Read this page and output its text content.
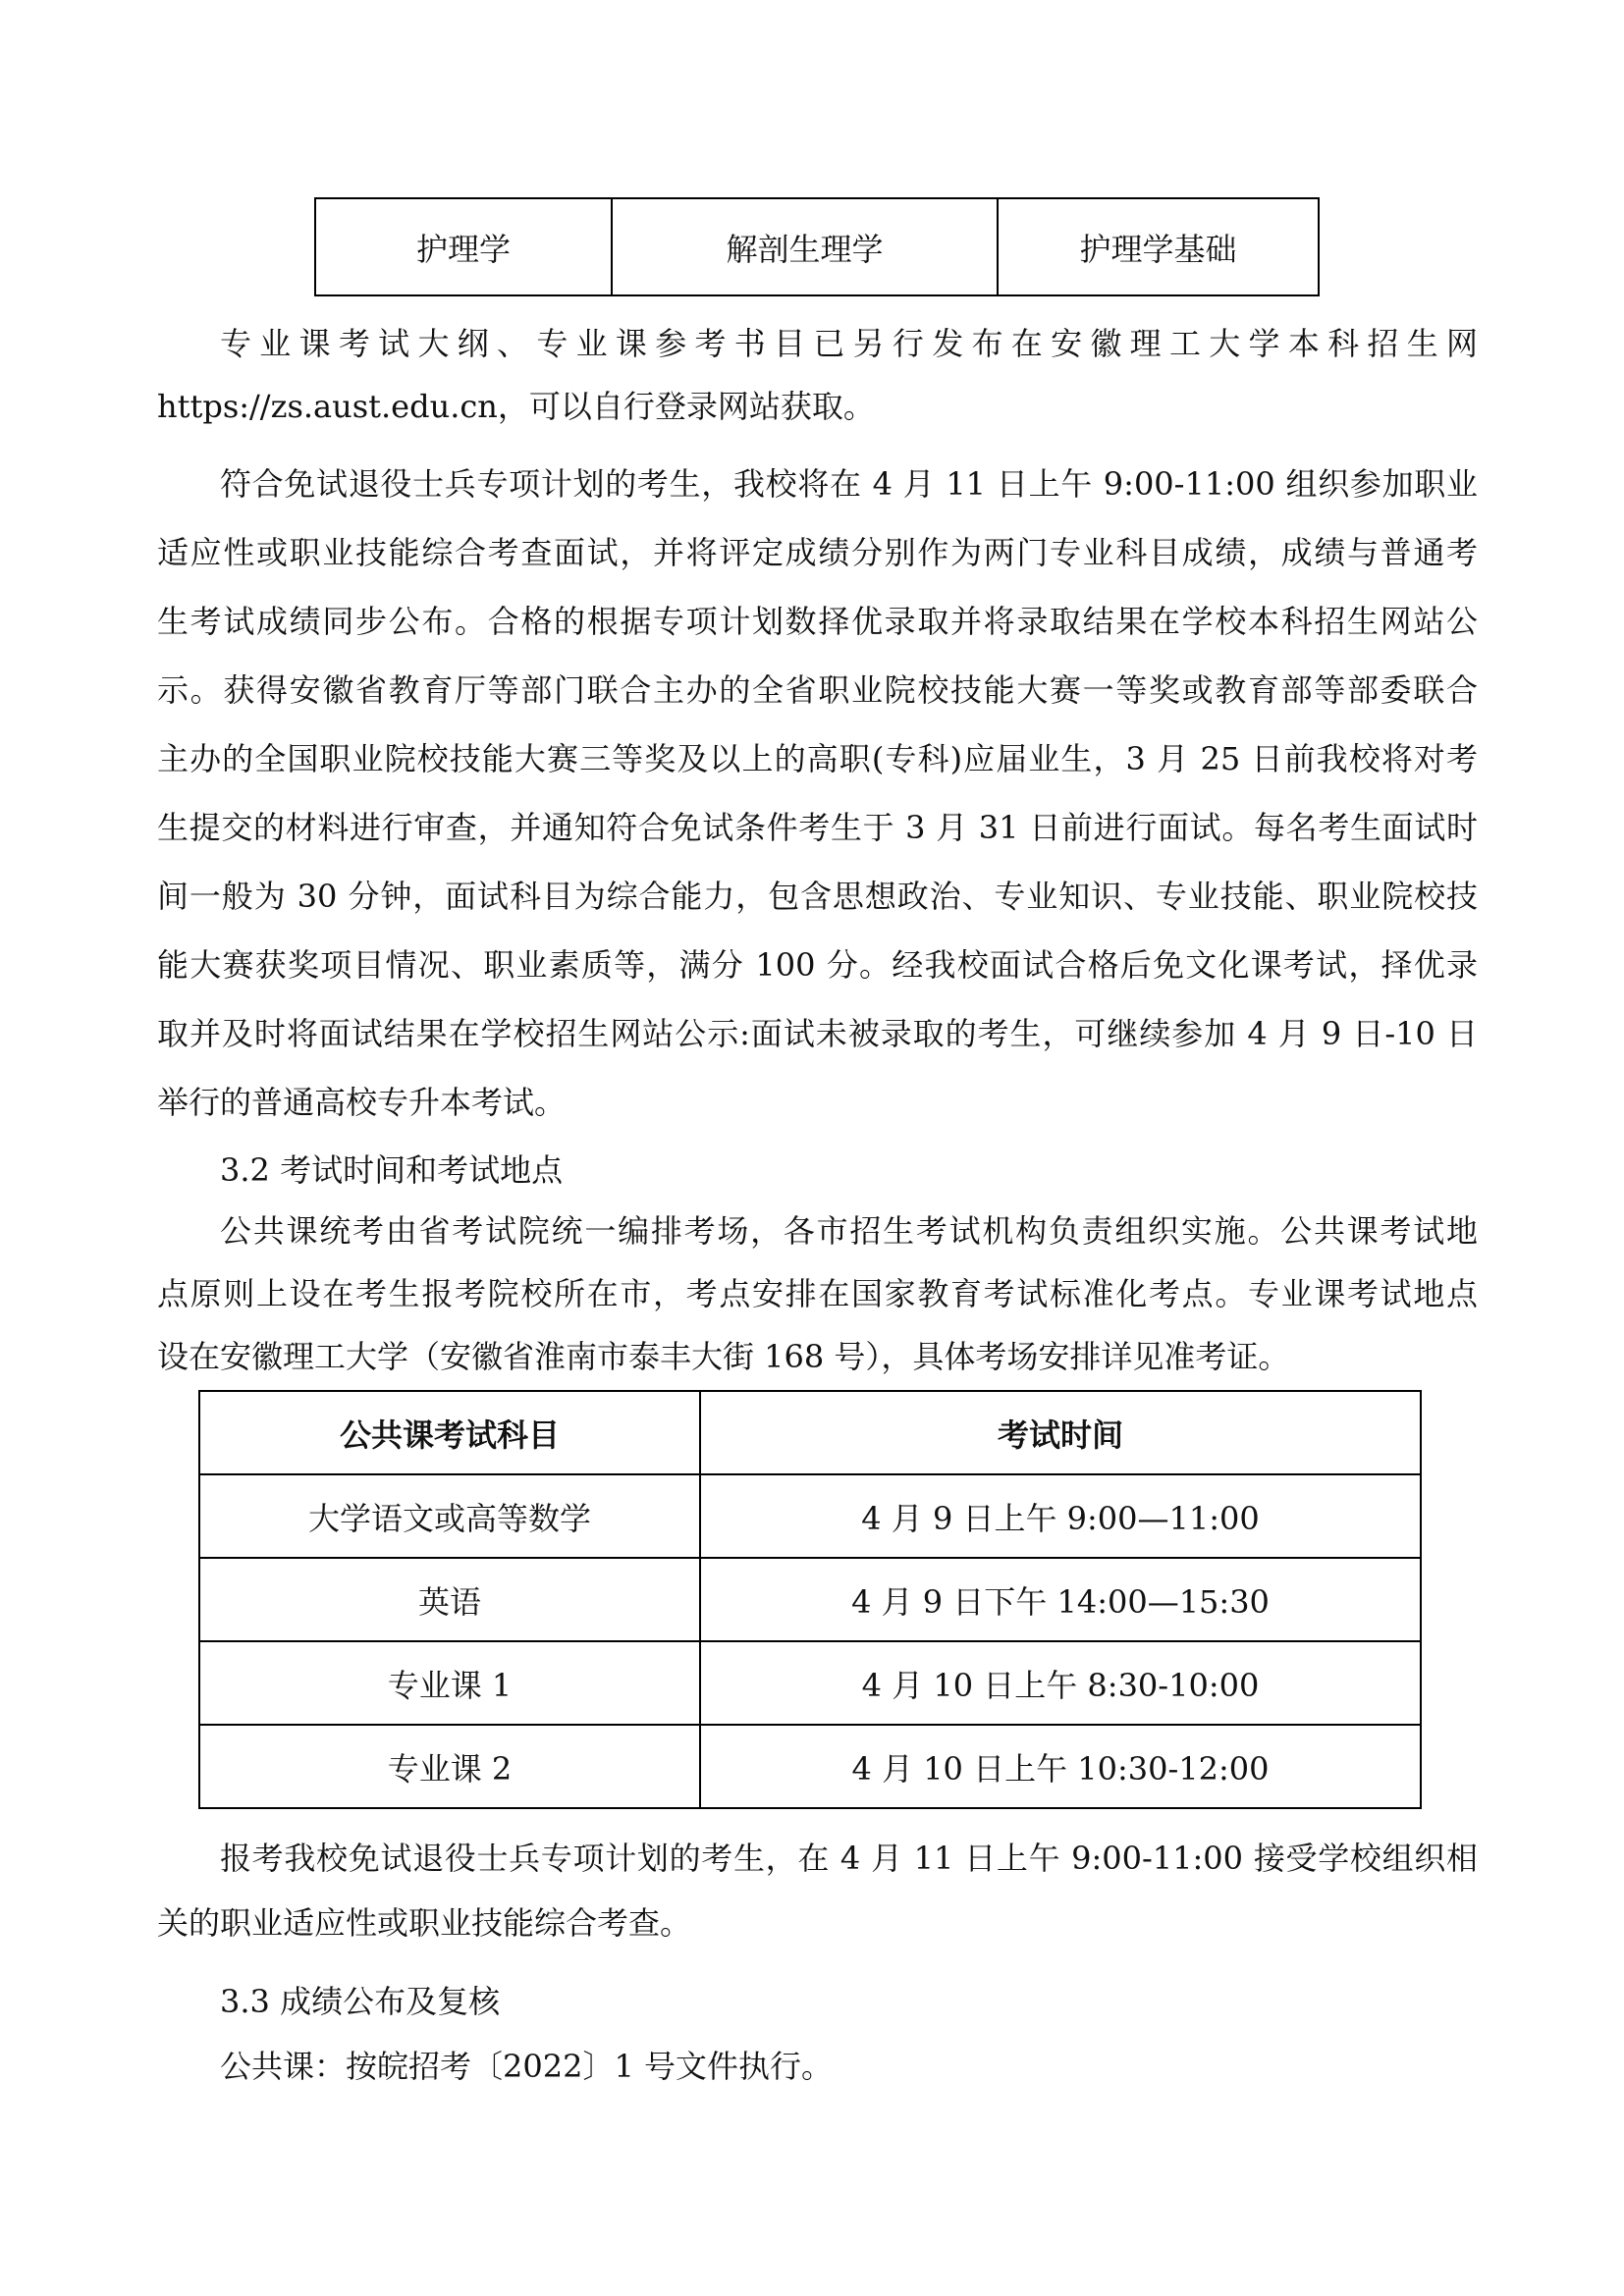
护理学	解剖生理学	护理学基础

专业课考试大纲、专业课参考书目已另行发布在安徽理工大学本科招生网

https://zs.aust.edu.cn，可以自行登录网站获取。

符合免试退役士兵专项计划的考生，我校将在 4 月 11 日上午 9:00-11:00 组织参加职业

适应性或职业技能综合考查面试，并将评定成绩分别作为两门专业科目成绩，成绩与普通考

生考试成绩同步公布。合格的根据专项计划数择优录取并将录取结果在学校本科招生网站公

示。获得安徽省教育厅等部门联合主办的全省职业院校技能大赛一等奖或教育部等部委联合

主办的全国职业院校技能大赛三等奖及以上的高职(专科)应届业生，3 月 25 日前我校将对考

生提交的材料进行审查，并通知符合免试条件考生于 3 月 31 日前进行面试。每名考生面试时

间一般为 30 分钟，面试科目为综合能力，包含思想政治、专业知识、专业技能、职业院校技

能大赛获奖项目情况、职业素质等，满分 100 分。经我校面试合格后免文化课考试，择优录

取并及时将面试结果在学校招生网站公示:面试未被录取的考生，可继续参加 4 月 9 日-10 日

举行的普通高校专升本考试。

3.2 考试时间和考试地点

公共课统考由省考试院统一编排考场，各市招生考试机构负责组织实施。公共课考试地

点原则上设在考生报考院校所在市，考点安排在国家教育考试标准化考点。专业课考试地点

设在安徽理工大学（安徽省淮南市泰丰大街 168 号），具体考场安排详见准考证。

公共课考试科目	考试时间
大学语文或高等数学	4 月 9 日上午 9:00—11:00
英语	4 月 9 日下午 14:00—15:30
专业课 1	4 月 10 日上午 8:30-10:00
专业课 2	4 月 10 日上午 10:30-12:00

报考我校免试退役士兵专项计划的考生，在 4 月 11 日上午 9:00-11:00 接受学校组织相

关的职业适应性或职业技能综合考查。

3.3 成绩公布及复核

公共课：按皖招考〔2022〕1 号文件执行。
